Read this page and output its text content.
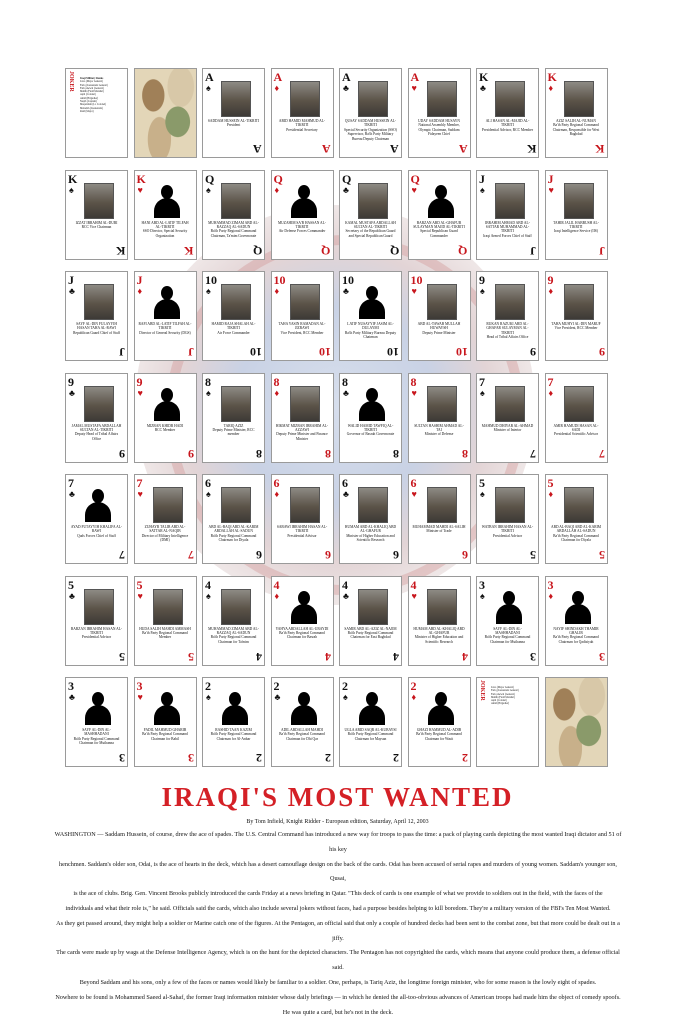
JOKER Iraqi Military Ranks
Liwa (Major General)
Fariq (Lieutenant General)
Fariq Awwal (General)
Muhib (Field Marshal)
Aqid (Colonel)
Amid (Brigadier)
Naqib (Captain)
Muqaddam (Lt. Colonel)
Mulazim (Lieutenant)
Raid (Major)
A
♠
SADDAM HUSSEIN AL-TIKRITI
President
A
A
♦
ABID HAMID MAHMUD AL-TIKRITI
Presidential Secretary
A
A
♣
QUSAY SADDAM HUSSEIN AL-TIKRITI
Special Security Organization (SSO) Supervisor, Ba'th Party Military Bureau Deputy Chairman
A
A
♥
UDAY SADDAM HUSAYN
National Assembly Member, Olympic Chairman, Saddam Fidayeen Chief
A
K
♣
ALI HASAN AL-MAJID AL-TIKRITI
Presidential Advisor, RCC Member
K
K
♦
AZIZ SALIH AL-NUMAN
Ba'th Party Regional Command Chairman, Responsible for West Baghdad
K
K
♠
IZZAT IBRAHIM AL-DURI
RCC Vice Chairman
K
K
♥
HANI ABD AL-LATIF TILFAH AL-TIKRITI
SSO Director, Special Security Organization
K
Q
♠
MUHAMMAD ZIMAM ABD AL-RAZZAQ AL-SADUN
Ba'th Party Regional Command Chairman, Ta'mim Governorate
Q
Q
♦
MUZAHIM SA'B HASSAN AL-TIKRITI
Air Defense Forces Commander
Q
Q
♣
KAMAL MUSTAFA ABDALLAH SULTAN AL-TIKRITI
Secretary of the Republican Guard and Special Republican Guard
Q
Q
♥
BARZAN ABD AL-GHAFUR SULAYMAN MAJID AL-TIKRITI
Special Republican Guard Commander
Q
J
♠
IBRAHIM AHMAD ABD AL-SATTAR MUHAMMAD AL-TIKRITI
Iraqi Armed Forces Chief of Staff
J
J
♥
TAHIR JALIL HABBUSH AL-TIKRITI
Iraqi Intelligence Service (IIS)
J
J
♣
SAYF AL-DIN FULAYYIH HASAN TAHA AL-RAWI
Republican Guard Chief of Staff
J
J
♦
RAFI ABD AL-LATIF TILFAH AL-TIKRITI
Director of General Security (DGS)
J
10
♠
HAMID RAJA SHALAH AL-TIKRITI
Air Force Commander
10
10
♦
TAHA YASIN RAMADAN AL-JIZRAWI
Vice President, RCC Member
10
10
♣
LATIF NUSAYYIF JASIM AL-DULAYMI
Ba'th Party Military Bureau Deputy Chairman
10
10
♥
ABD AL-TAWAB MULLAH HUWAYSH
Deputy Prime Minister
10
9
♠
RUKAN RAZUKI ABD AL-GHAFAR SULAYMAN AL-TIKRITI
Head of Tribal Affairs Office
9
9
♦
TAHA MUHYI AL-DIN MARUF
Vice President, RCC Member
9
9
♣
JAMAL MUSTAFA ABDALLAH SULTAN AL-TIKRITI
Deputy Head of Tribal Affairs Office
9
9
♥
MIZBAN KHIDR HADI
RCC Member
9
8
♠
TARIQ AZIZ
Deputy Prime Minister, RCC member
8
8
♦
HIKMAT MIZBAN IBRAHIM AL-AZZAWI
Deputy Prime Minister and Finance Minister
8
8
♣
WALID HAMID TAWFIQ AL-TIKRITI
Governor of Basrah Governorate
8
8
♥
SULTAN HASHIM AHMAD AL-TAI
Minister of Defense
8
7
♠
MAHMUD DHIYAB AL-AHMAD
Minister of Interior
7
7
♦
AMIR HAMUDI HASAN AL-SADI
Presidential Scientific Advisor
7
7
♣
AYAD FUTAYYIH KHALIFA AL-RAWI
Quds Forces Chief of Staff
7
7
♥
ZUHAYR TALIB ABD AL-SATTAR AL-NAQIB
Director of Military Intelligence (DMI)
7
6
♠
ABD AL-BAQI ABD AL-KARIM ABDALLAH AL-SADUN
Ba'th Party Regional Command Chairman for Diyala
6
6
♦
SABAWI IBRAHIM HASAN AL-TIKRITI
Presidential Advisor
6
6
♣
HUMAM ABD AL-KHALIQ ABD AL-GHAFUR
Minister of Higher Education and Scientific Research
6
6
♥
MUHAMMAD MAHDI AL-SALIH
Minister of Trade
6
5
♠
WATBAN IBRAHIM HASAN AL-TIKRITI
Presidential Advisor
5
5
♦
ABD AL-BAQI ABD AL-KARIM ABDALLAH AL-SADUN
Ba'th Party Regional Command Chairman for Diyala
5
5
♣
BARZAN IBRAHIM HASAN AL-TIKRITI
Presidential Advisor
5
5
♥
HUDA SALIH MAHDI AMMASH
Ba'th Party Regional Command Member
5
4
♠
MUHAMMAD ZIMAM ABD AL-RAZZAQ AL-SADUN
Ba'th Party Regional Command Chairman for Ta'mim
4
4
♦
YAHYA ABDALLAH AL-UBAYDI
Ba'th Party Regional Command Chairman for Basrah
4
4
♣
SAMIR ABD AL-AZIZ AL-NAJIM
Ba'th Party Regional Command Chairman for East Baghdad
4
4
♥
HUMAM ABD AL-KHALIQ ABD AL-GHAFUR
Minister of Higher Education and Scientific Research
4
3
♠
SAYF AL-DIN AL-MASHHADANI
Ba'th Party Regional Command Chairman for Muthanna
3
3
♦
NAYIF SHINDAKH THAMIR GHALIB
Ba'th Party Regional Command Chairman for Qadisiyah
3
3
♣
SAYF AL-DIN AL-MASHHADANI
Ba'th Party Regional Command Chairman for Muthanna
3
3
♥
FADIL MAHMUD GHARIB
Ba'th Party Regional Command Chairman for Babil
3
2
♠
RASHID TAAN KAZIM
Ba'th Party Regional Command Chairman for Al-Anbar
2
2
♣
ADIL ABDALLAH MAHDI
Ba'th Party Regional Command Chairman for Dhi Qar
2
2
♠
UGLA ABID SAQR AL-KUBAYSI
Ba'th Party Regional Command Chairman for Maysan
2
2
♦
GHAZI HAMMUD AL-ADIB
Ba'th Party Regional Command Chairman for Wasit
2
JOKER Liwa (Major General)
Fariq (Lieutenant General)
Fariq Awwal (General)
Muhib (Field Marshal)
Aqid (Colonel)
Amid (Brigadier)
IRAQI'S MOST WANTED
By Tom Infield, Knight Ridder - European edition, Saturday, April 12, 2003

WASHINGTON — Saddam Hussein, of course, drew the ace of spades. The U.S. Central Command has introduced a new way for troops to pass the time: a pack of playing cards depicting the most wanted Iraqi dictator and 51 of his key

henchmen. Saddam's older son, Odai, is the ace of hearts in the deck, which has a desert camouflage design on the back of the cards. Odai has been accused of serial rapes and murders of young women. Saddam's younger son, Qusai,

is the ace of clubs. Brig. Gen. Vincent Brooks publicly introduced the cards Friday at a news briefing in Qatar. "This deck of cards is one example of what we provide to soldiers out in the field, with the faces of the

individuals and what their role is," he said. Officials said the cards, which also include several jokers without faces, had a purpose besides helping to kill boredom. They're a military version of the FBI's Ten Most Wanted.

As they get passed around, they might help a soldier or Marine catch one of the figures. At the Pentagon, an official said that only a couple of hundred decks had been sent to the combat zone, but that more could be dealt out in a jiffy.

The cards were made up by wags at the Defense Intelligence Agency, which is on the hunt for the depicted characters. The Pentagon has not copyrighted the cards, which means that anyone could produce them, a defense official said.

Beyond Saddam and his sons, only a few of the faces or names would likely be familiar to a soldier. One, perhaps, is Tariq Aziz, the longtime foreign minister, who for some reason is the lowly eight of spades.

Nowhere to be found is Mohammed Saeed al-Sahaf, the former Iraqi information minister whose daily briefings — in which he denied the all-too-obvious advances of American troops had made him the object of comedy spoofs.

He was quite a card, but he's not in the deck.
